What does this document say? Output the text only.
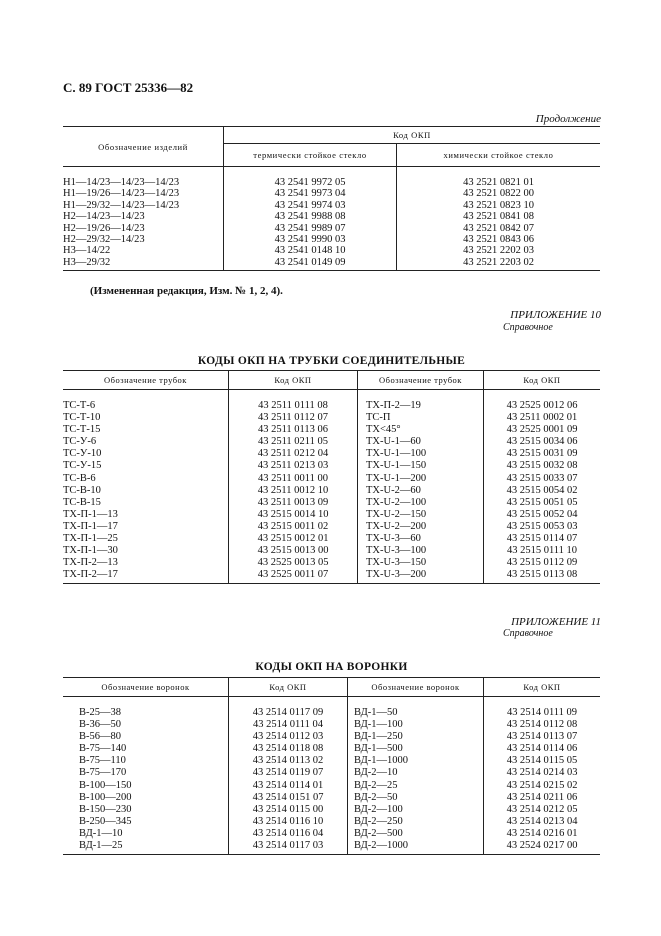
С. 89 ГОСТ 25336—82
Продолжение
Обозначение изделий	Код ОКП	
	термически стойкое стекло	химически стойкое стекло
Н1—14/23—14/23—14/23	43 2541 9972 05	43 2521 0821 01
Н1—19/26—14/23—14/23	43 2541 9973 04	43 2521 0822 00
Н1—29/32—14/23—14/23	43 2541 9974 03	43 2521 0823 10
Н2—14/23—14/23	43 2541 9988 08	43 2521 0841 08
Н2—19/26—14/23	43 2541 9989 07	43 2521 0842 07
Н2—29/32—14/23	43 2541 9990 03	43 2521 0843 06
Н3—14/22	43 2541 0148 10	43 2521 2202 03
Н3—29/32	43 2541 0149 09	43 2521 2203 02
(Измененная редакция, Изм. № 1, 2, 4).
ПРИЛОЖЕНИЕ 10
Справочное
КОДЫ ОКП НА ТРУБКИ СОЕДИНИТЕЛЬНЫЕ
Обозначение трубок	Код ОКП	Обозначение трубок	Код ОКП
ТС-Т-6	43 2511 0111 08	ТХ-П-2—19	43 2525 0012 06
ТС-Т-10	43 2511 0112 07	ТС-П	43 2511 0002 01
ТС-Т-15	43 2511 0113 06	ТХ<45°	43 2525 0001 09
ТС-У-6	43 2511 0211 05	ТХ-U-1—60	43 2515 0034 06
ТС-У-10	43 2511 0212 04	ТХ-U-1—100	43 2515 0031 09
ТС-У-15	43 2511 0213 03	ТХ-U-1—150	43 2515 0032 08
ТС-В-6	43 2511 0011 00	ТХ-U-1—200	43 2515 0033 07
ТС-В-10	43 2511 0012 10	ТХ-U-2—60	43 2515 0054 02
ТС-В-15	43 2511 0013 09	ТХ-U-2—100	43 2515 0051 05
ТХ-П-1—13	43 2515 0014 10	ТХ-U-2—150	43 2515 0052 04
ТХ-П-1—17	43 2515 0011 02	ТХ-U-2—200	43 2515 0053 03
ТХ-П-1—25	43 2515 0012 01	ТХ-U-3—60	43 2515 0114 07
ТХ-П-1—30	43 2515 0013 00	ТХ-U-3—100	43 2515 0111 10
ТХ-П-2—13	43 2525 0013 05	ТХ-U-3—150	43 2515 0112 09
ТХ-П-2—17	43 2525 0011 07	ТХ-U-3—200	43 2515 0113 08
ПРИЛОЖЕНИЕ 11
Справочное
КОДЫ ОКП НА ВОРОНКИ
Обозначение воронок	Код ОКП	Обозначение воронок	Код ОКП
В-25—38	43 2514 0117 09	ВД-1—50	43 2514 0111 09
В-36—50	43 2514 0111 04	ВД-1—100	43 2514 0112 08
В-56—80	43 2514 0112 03	ВД-1—250	43 2514 0113 07
В-75—140	43 2514 0118 08	ВД-1—500	43 2514 0114 06
В-75—110	43 2514 0113 02	ВД-1—1000	43 2514 0115 05
В-75—170	43 2514 0119 07	ВД-2—10	43 2514 0214 03
В-100—150	43 2514 0114 01	ВД-2—25	43 2514 0215 02
В-100—200	43 2514 0151 07	ВД-2—50	43 2514 0211 06
В-150—230	43 2514 0115 00	ВД-2—100	43 2514 0212 05
В-250—345	43 2514 0116 10	ВД-2—250	43 2514 0213 04
ВД-1—10	43 2514 0116 04	ВД-2—500	43 2514 0216 01
ВД-1—25	43 2514 0117 03	ВД-2—1000	43 2524 0217 00
